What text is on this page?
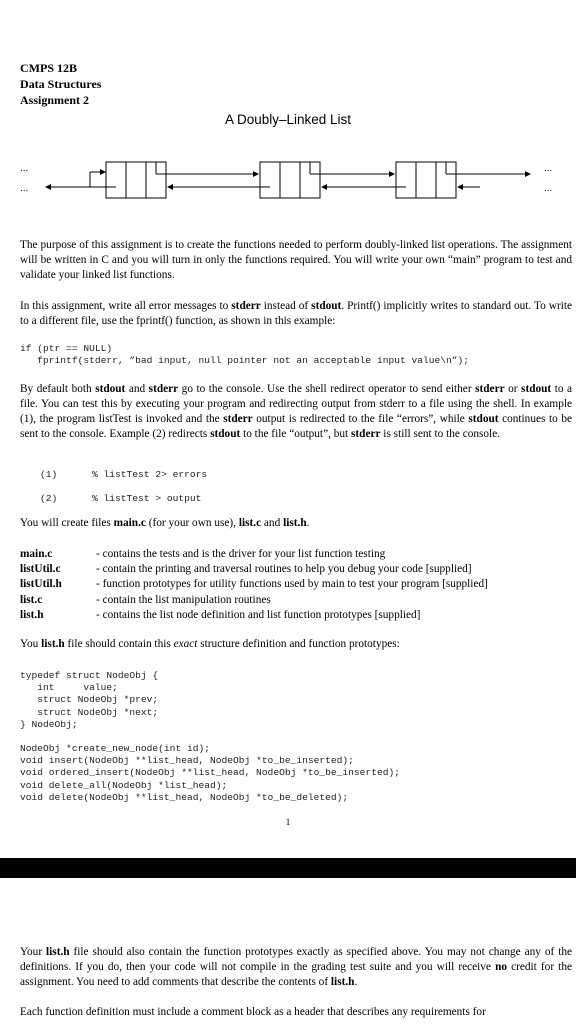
CMPS 12B
Data Structures
Assignment 2
A Doubly–Linked List
...
...
...
...
The purpose of this assignment is to create the functions needed to perform doubly-linked list operations. The assignment will be written in C and you will turn in only the functions required. You will write your own “main” program to test and validate your linked list functions.
In this assignment, write all error messages to stderr instead of stdout. Printf() implicitly writes to standard out. To write to a different file, use the fprintf() function, as shown in this example:
if (ptr == NULL)
fprintf(stderr, ”bad input, null pointer not an acceptable input value\n”);
By default both stdout and stderr go to the console. Use the shell redirect operator to send either stderr or stdout to a file. You can test this by executing your program and redirecting output from stderr to a file using the shell. In example (1), the program listTest is invoked and the stderr output is redirected to the file “errors”, while stdout continues to be sent to the console. Example (2) redirects stdout to the file “output”, but stderr is still sent to the console.
(1)	% listTest 2> errors
(2)	% listTest > output
You will create files main.c (for your own use), list.c and list.h.
main.c	- contains the tests and is the driver for your list function testing
listUtil.c	- contain the printing and traversal routines to help you debug your code [supplied]
listUtil.h	- function prototypes for utility functions used by main to test your program [supplied]
list.c	- contain the list manipulation routines
list.h	- contains the list node definition and list function prototypes [supplied]
You list.h file should contain this exact structure definition and function prototypes:
typedef struct NodeObj {
int     value;
struct NodeObj *prev;
struct NodeObj *next;
} NodeObj;
NodeObj *create_new_node(int id);
void insert(NodeObj **list_head, NodeObj *to_be_inserted);
void ordered_insert(NodeObj **list_head, NodeObj *to_be_inserted);
void delete_all(NodeObj *list_head);
void delete(NodeObj **list_head, NodeObj *to_be_deleted);
1
Your list.h file should also contain the function prototypes exactly as specified above. You may not change any of the definitions. If you do, then your code will not compile in the grading test suite and you will receive no credit for the assignment. You need to add comments that describe the contents of list.h.
Each function definition must include a comment block as a header that describes any requirements for
